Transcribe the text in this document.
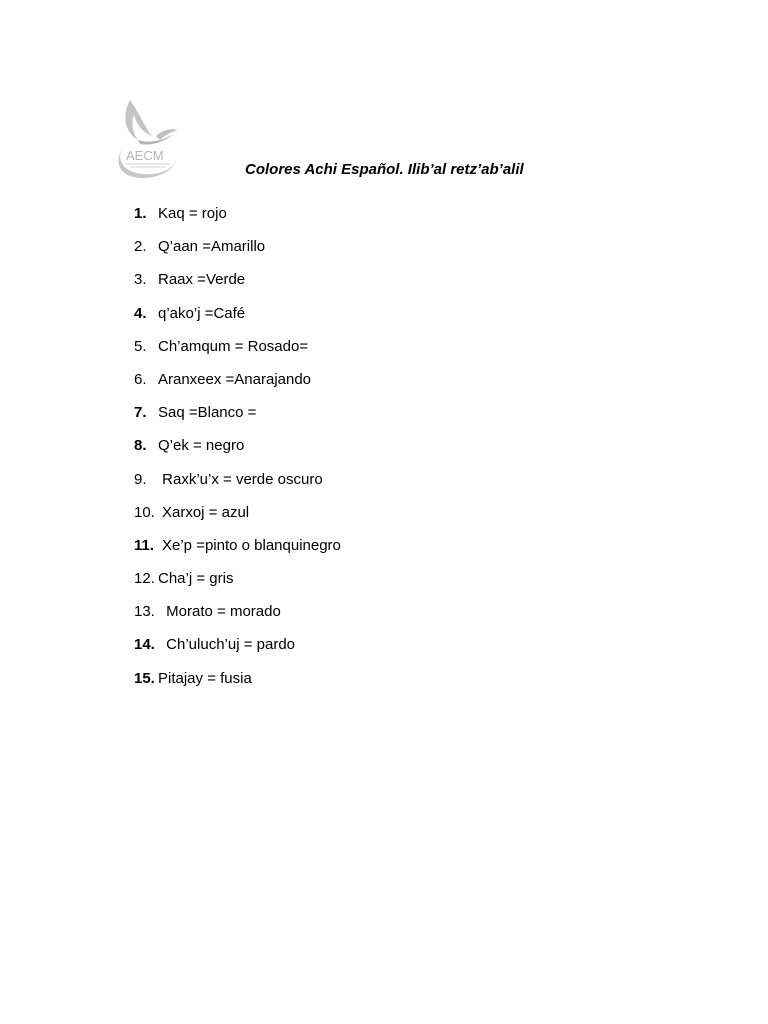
AECM
Colores Achi Español. Ilib’al retz’ab’alil
1. Kaq = rojo
2. Q’aan =Amarillo
3. Raax =Verde
4. q’ako’j =Café
5. Ch’amqum = Rosado=
6. Aranxeex =Anarajando
7. Saq =Blanco =
8. Q’ek = negro
9. Raxk’u’x = verde oscuro
10. Xarxoj = azul
11. Xe’p =pinto o blanquinegro
12. Cha’j = gris
13. Morato = morado
14. Ch’uluch’uj = pardo
15. Pitajay = fusia
